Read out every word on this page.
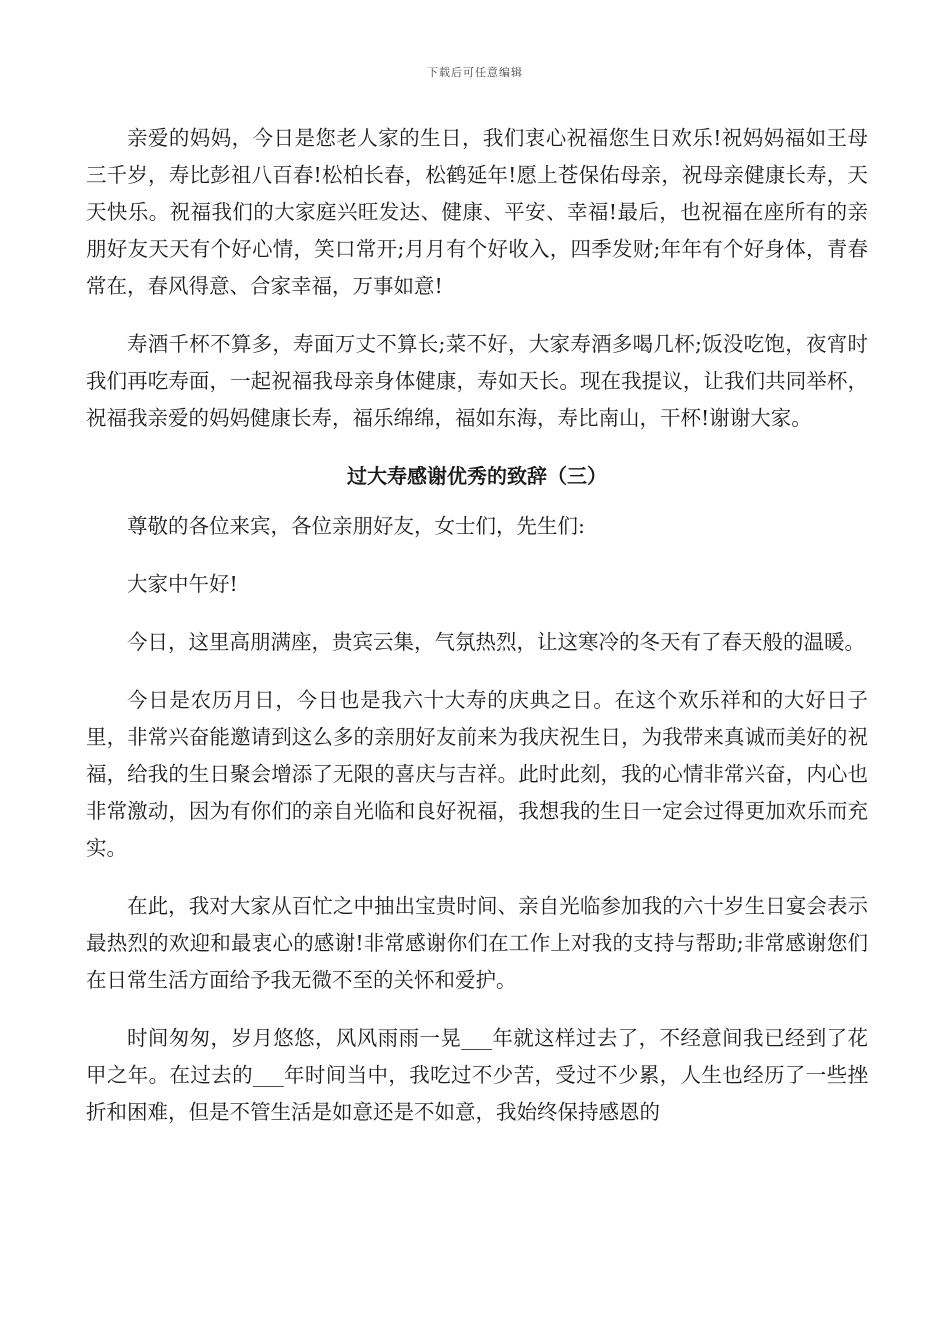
下载后可任意编辑

亲爱的妈妈，今日是您老人家的生日，我们衷心祝福您生日欢乐!祝妈妈福如王母三千岁，寿比彭祖八百春!松柏长春，松鹤延年!愿上苍保佑母亲，祝母亲健康长寿，天天快乐。祝福我们的大家庭兴旺发达、健康、平安、幸福!最后，也祝福在座所有的亲朋好友天天有个好心情，笑口常开;月月有个好收入，四季发财;年年有个好身体，青春常在，春风得意、合家幸福，万事如意!

寿酒千杯不算多，寿面万丈不算长;菜不好，大家寿酒多喝几杯;饭没吃饱，夜宵时我们再吃寿面，一起祝福我母亲身体健康，寿如天长。现在我提议，让我们共同举杯，祝福我亲爱的妈妈健康长寿，福乐绵绵，福如东海，寿比南山，干杯!谢谢大家。

过大寿感谢优秀的致辞（三）

尊敬的各位来宾，各位亲朋好友，女士们，先生们:

大家中午好!

今日，这里高朋满座，贵宾云集，气氛热烈，让这寒冷的冬天有了春天般的温暖。

今日是农历月日，今日也是我六十大寿的庆典之日。在这个欢乐祥和的大好日子里，非常兴奋能邀请到这么多的亲朋好友前来为我庆祝生日，为我带来真诚而美好的祝福，给我的生日聚会增添了无限的喜庆与吉祥。此时此刻，我的心情非常兴奋，内心也非常激动，因为有你们的亲自光临和良好祝福，我想我的生日一定会过得更加欢乐而充实。

在此，我对大家从百忙之中抽出宝贵时间、亲自光临参加我的六十岁生日宴会表示最热烈的欢迎和最衷心的感谢!非常感谢你们在工作上对我的支持与帮助;非常感谢您们在日常生活方面给予我无微不至的关怀和爱护。

时间匆匆，岁月悠悠，风风雨雨一晃___年就这样过去了，不经意间我已经到了花甲之年。在过去的___年时间当中，我吃过不少苦，受过不少累，人生也经历了一些挫折和困难，但是不管生活是如意还是不如意，我始终保持感恩的
